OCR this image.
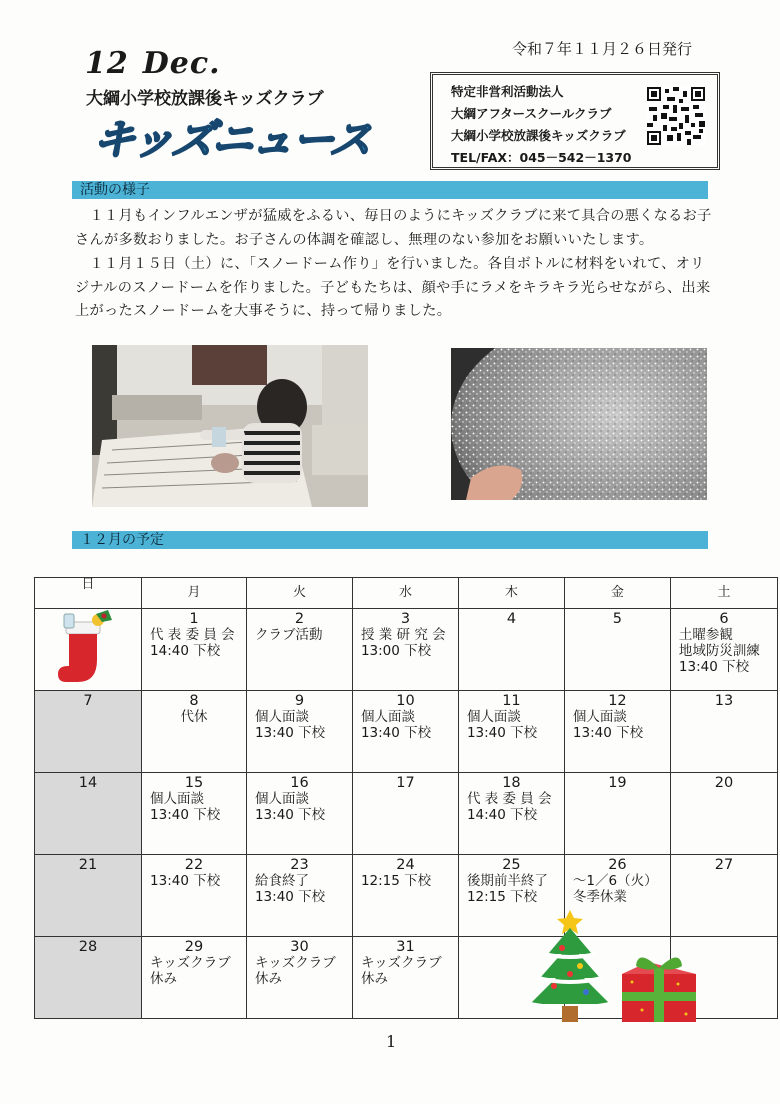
12 Dec.	令和７年１１月２６日発行
大綱小学校放課後キッズクラブ
キッズニュース
特定非営利活動法人
大綱アフタースクールクラブ
大綱小学校放課後キッズクラブ
TEL/FAX：045－542－1370
活動の様子
　１１月もインフルエンザが猛威をふるい、毎日のようにキッズクラブに来て具合の悪くなるお子さんが多数おりました。お子さんの体調を確認し、無理のない参加をお願いいたします。
　１１月１５日（土）に、「スノードーム作り」を行いました。各自ボトルに材料をいれて、オリジナルのスノードームを作りました。子どもたちは、顔や手にラメをキラキラ光らせながら、出来上がったスノードームを大事そうに、持って帰りました。
１２月の予定
日	月	火	水	木	金	土

	1
代 表 委 員 会
14:40 下校	2
クラブ活動	3
授 業 研 究 会
13:00 下校	4	5	6
土曜参観
地域防災訓練
13:40 下校

7	8
代休	9
個人面談
13:40 下校	10
個人面談
13:40 下校	11
個人面談
13:40 下校	12
個人面談
13:40 下校	13

14	15
個人面談
13:40 下校	16
個人面談
13:40 下校	17	18
代 表 委 員 会
14:40 下校	19	20

21	22
13:40 下校	23
給食終了
13:40 下校	24
12:15 下校	25
後期前半終了
12:15 下校	26
～1／6（火）
冬季休業	27

28	29
キッズクラブ
休み	30
キッズクラブ
休み	31
キッズクラブ
休み			

1
